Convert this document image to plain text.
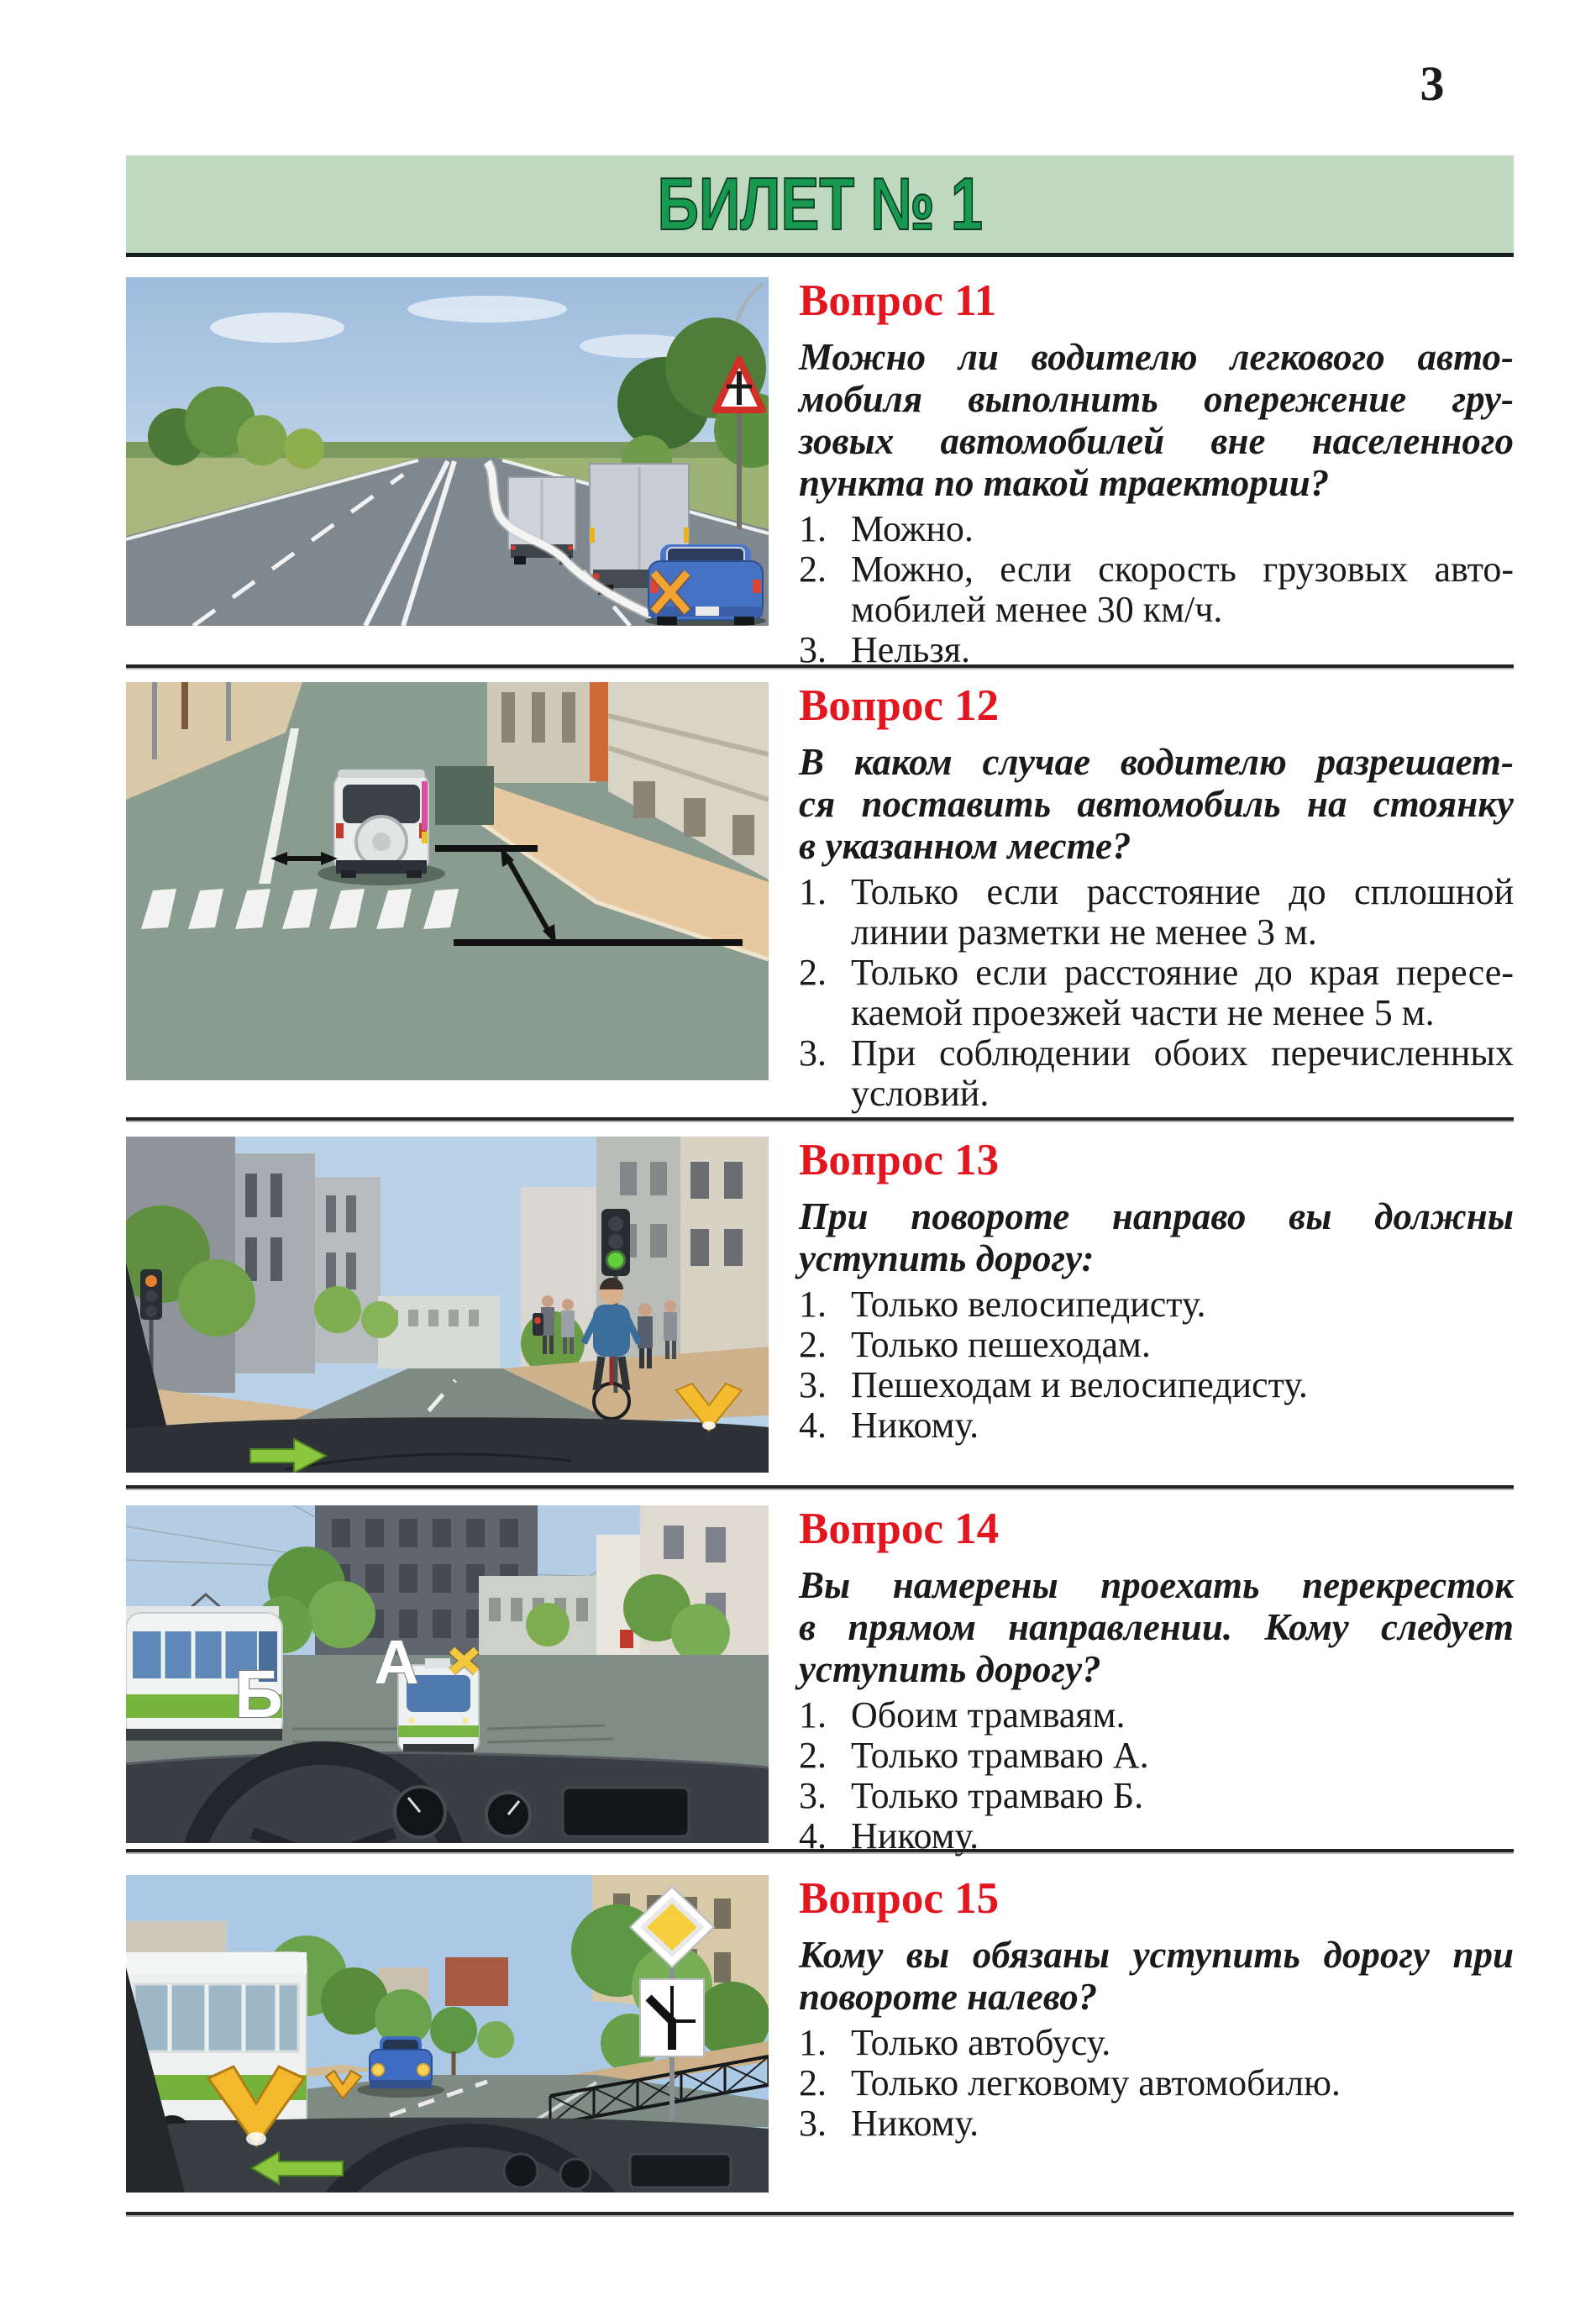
3
БИЛЕТ № 1
Вопрос 11
Можно ли водителю легкового авто-
мобиля выполнить опережение гру-
зовых автомобилей вне населенного
пункта по такой траектории?
1. Можно.
2. Можно, если скорость грузовых авто-
мобилей менее 30 км/ч.
3. Нельзя.
Вопрос 12
В каком случае водителю разрешает-
ся поставить автомобиль на стоянку
в указанном месте?
1. Только если расстояние до сплошной
линии разметки не менее 3 м.
2. Только если расстояние до края пересе-
каемой проезжей части не менее 5 м.
3. При соблюдении обоих перечисленных
условий.
Вопрос 13
При повороте направо вы должны
уступить дорогу:
1. Только велосипедисту.
2. Только пешеходам.
3. Пешеходам и велосипедисту.
4. Никому.
А
Б
Вопрос 14
Вы намерены проехать перекресток
в прямом направлении. Кому следует
уступить дорогу?
1. Обоим трамваям.
2. Только трамваю А.
3. Только трамваю Б.
4. Никому.
Вопрос 15
Кому вы обязаны уступить дорогу при
повороте налево?
1. Только автобусу.
2. Только легковому автомобилю.
3. Никому.
